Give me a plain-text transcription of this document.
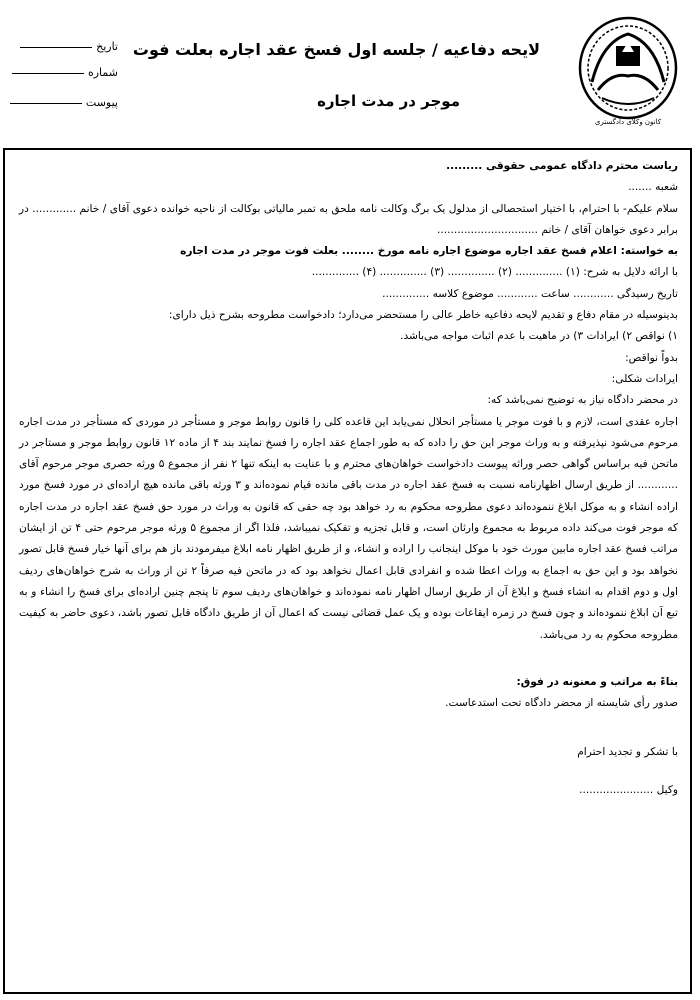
کانون وکلای دادگستری
لایحه دفاعیه / جلسه اول فسخ عقد اجاره بعلت فوت
موجر در مدت اجاره
تاریخ
شماره
پیوست

ریاست محترم دادگاه عمومی حقوقی .........

شعبه .......

سلام علیکم- با احترام، با اختیار استحصالی از مدلول یک برگ وکالت نامه ملحق به تمبر مالیاتی بوکالت از ناحیه خوانده دعوی آقای / خانم ............. در برابر دعوی خواهان آقای / خانم ..............................

به خواسته: اعلام فسخ عقد اجاره موضوع اجاره نامه مورخ ........ بعلت فوت موجر در مدت اجاره

با ارائه دلایل به شرح: (۱) .............. (۲) .............. (۳) .............. (۴) ..............

تاریخ رسیدگی ............ ساعت ............ موضوع کلاسه ..............

بدینوسیله در مقام دفاع و تقدیم لایحه دفاعیه خاطر عالی را مستحضر می‌دارد؛ دادخواست مطروحه بشرح ذیل دارای:

۱) نواقص ۲) ایرادات ۳) در ماهیت با عدم اثبات مواجه می‌باشد.

بدواً نواقص:

ایرادات شکلی:

در محضر دادگاه نیاز به توضیح نمی‌باشد که:

اجاره عقدی است، لازم و با فوت موجر یا مستأجر انحلال نمی‌یابد این قاعده کلی را قانون روابط موجر و مستأجر در موردی که مستأجر در مدت اجاره مرحوم می‌شود نپذیرفته و به وراث موجر این حق را داده که به طور اجماع عقد اجاره را فسخ نمایند بند ۴ از ماده ۱۲ قانون روابط موجر و مستاجر در ماتحن فیه براساس گواهی حصر وراثه پیوست دادخواست خواهان‌های محترم و با عنایت به اینکه تنها ۲ نفر از مجموع ۵ ورثه حصری موجر مرحوم آقای ............ از طریق ارسال اظهارنامه نسبت به فسخ عقد اجاره در مدت باقی مانده قیام نموده‌اند و ۳ ورثه باقی مانده هیچ اراده‌ای در مورد فسخ مورد اراده انشاء و به موکل ابلاغ ننموده‌اند دعوی مطروحه محکوم به رد خواهد بود چه حقی که قانون به وراث در مورد حق فسخ عقد اجاره در مدت اجاره که موجر فوت می‌کند داده مربوط به مجموع وارثان است، و قابل تجزیه و تفکیک نمیباشد، فلذا اگر از مجموع ۵ ورثه موجر مرحوم حتی ۴ تن از ایشان مراتب فسخ عقد اجاره مابین مورث خود با موکل اینجانب را اراده و انشاء، و از طریق اظهار نامه ابلاغ میفرمودند باز هم برای آنها خیار فسخ قابل تصور نخواهد بود و این حق به اجماع به وراث اعطا شده و انفرادی قابل اعمال نخواهد بود که در ماتحن فیه صرفاً ۲ تن از وراث به شرح خواهان‌های ردیف اول و دوم اقدام به انشاء فسخ و ابلاغ آن از طریق ارسال اظهار نامه نموده‌اند و خواهان‌های ردیف سوم تا پنجم چنین اراده‌ای برای فسخ را انشاء و به تبع آن ابلاغ ننموده‌اند و چون فسخ در زمره ایقاعات بوده و یک عمل قضائی نیست که اعمال آن از طریق دادگاه قابل تصور باشد، دعوی حاضر به کیفیت مطروحه محکوم به رد می‌باشد.

بناءً به مراتب و معنونه در فوق:

صدور رأی شایسته از محضر دادگاه تحت استدعاست.

با تشکر و تجدید احترام
وکیل ......................
